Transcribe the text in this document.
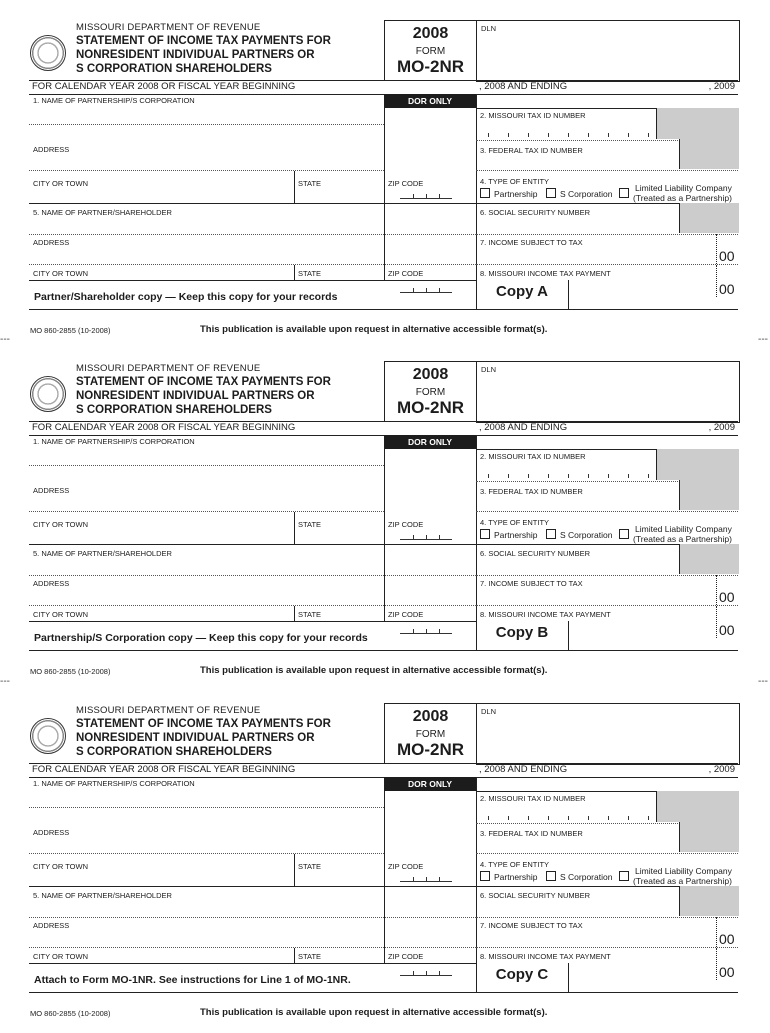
MISSOURI DEPARTMENT OF REVENUE
STATEMENT OF INCOME TAX PAYMENTS FOR
NONRESIDENT INDIVIDUAL PARTNERS OR
S CORPORATION SHAREHOLDERS
2008
FORM
MO-2NR
DLN
FOR CALENDAR YEAR 2008 OR FISCAL YEAR BEGINNING	, 2008 AND ENDING	, 2009
DOR ONLY
1. NAME OF PARTNERSHIP/S CORPORATION
ADDRESS
CITY OR TOWN	STATE	ZIP CODE
5. NAME OF PARTNER/SHAREHOLDER
ADDRESS
CITY OR TOWN	STATE	ZIP CODE
2. MISSOURI TAX ID NUMBER
3. FEDERAL TAX ID NUMBER
4. TYPE OF ENTITY
Partnership	S Corporation
Limited Liability Company
(Treated as a Partnership)
6. SOCIAL SECURITY NUMBER
7. INCOME SUBJECT TO TAX
00
8. MISSOURI INCOME TAX PAYMENT
00
Partner/Shareholder copy — Keep this copy for your records	Copy A
MO 860-2855 (10-2008)	This publication is available upon request in alternative accessible format(s).
MISSOURI DEPARTMENT OF REVENUE
STATEMENT OF INCOME TAX PAYMENTS FOR
NONRESIDENT INDIVIDUAL PARTNERS OR
S CORPORATION SHAREHOLDERS
2008
FORM
MO-2NR
DLN
FOR CALENDAR YEAR 2008 OR FISCAL YEAR BEGINNING	, 2008 AND ENDING	, 2009
DOR ONLY
1. NAME OF PARTNERSHIP/S CORPORATION
ADDRESS
CITY OR TOWN	STATE	ZIP CODE
5. NAME OF PARTNER/SHAREHOLDER
ADDRESS
CITY OR TOWN	STATE	ZIP CODE
2. MISSOURI TAX ID NUMBER
3. FEDERAL TAX ID NUMBER
4. TYPE OF ENTITY
Partnership	S Corporation
Limited Liability Company
(Treated as a Partnership)
6. SOCIAL SECURITY NUMBER
7. INCOME SUBJECT TO TAX
00
8. MISSOURI INCOME TAX PAYMENT
00
Partnership/S Corporation copy — Keep this copy for your records	Copy B
MO 860-2855 (10-2008)	This publication is available upon request in alternative accessible format(s).
MISSOURI DEPARTMENT OF REVENUE
STATEMENT OF INCOME TAX PAYMENTS FOR
NONRESIDENT INDIVIDUAL PARTNERS OR
S CORPORATION SHAREHOLDERS
2008
FORM
MO-2NR
DLN
FOR CALENDAR YEAR 2008 OR FISCAL YEAR BEGINNING	, 2008 AND ENDING	, 2009
DOR ONLY
1. NAME OF PARTNERSHIP/S CORPORATION
ADDRESS
CITY OR TOWN	STATE	ZIP CODE
5. NAME OF PARTNER/SHAREHOLDER
ADDRESS
CITY OR TOWN	STATE	ZIP CODE
2. MISSOURI TAX ID NUMBER
3. FEDERAL TAX ID NUMBER
4. TYPE OF ENTITY
Partnership	S Corporation
Limited Liability Company
(Treated as a Partnership)
6. SOCIAL SECURITY NUMBER
7. INCOME SUBJECT TO TAX
00
8. MISSOURI INCOME TAX PAYMENT
00
Attach to Form MO-1NR. See instructions for Line 1 of MO-1NR.	Copy C
MO 860-2855 (10-2008)	This publication is available upon request in alternative accessible format(s).
---	---
---	---
